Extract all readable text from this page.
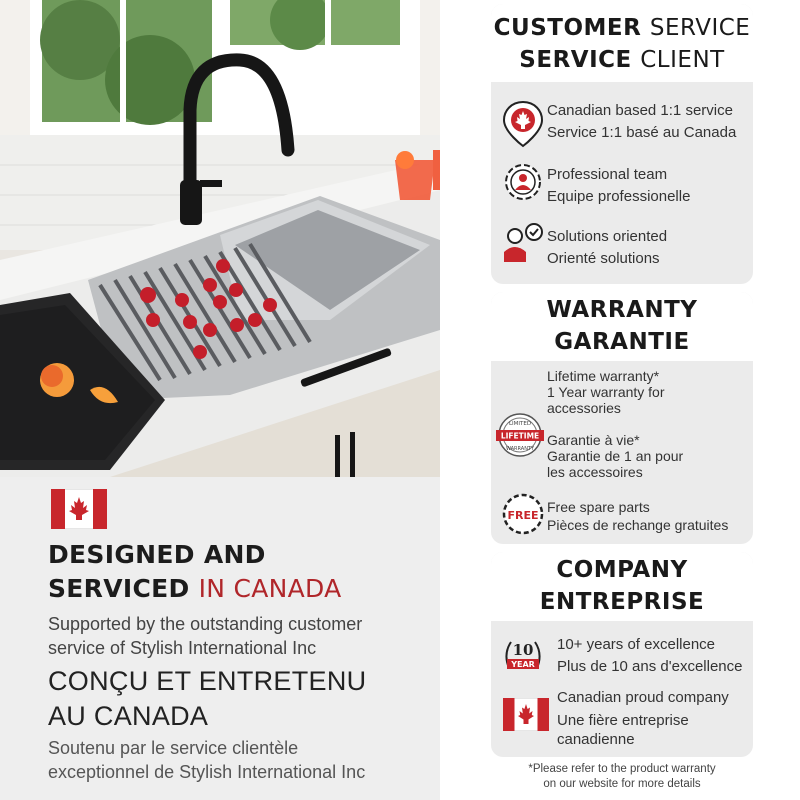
DESIGNED AND
SERVICED IN CANADA
Supported by the outstanding customer
service of Stylish International Inc
CONÇU ET ENTRETENU
AU CANADA
Soutenu par le service clientèle
exceptionnel de Stylish International Inc
CUSTOMER SERVICE
SERVICE CLIENT
Canadian based 1:1 service
Service 1:1 basé au Canada
Professional team
Equipe professionelle
Solutions oriented
Orienté solutions
WARRANTY
GARANTIE
LIMITED
LIFETIME
WARRANTY
Lifetime warranty*
1 Year warranty for
accessories
Garantie à vie*
Garantie de 1 an pour
les accessoires
FREE
Free spare parts
Pièces de rechange gratuites
COMPANY
ENTREPRISE
10
YEAR
10+ years of excellence
Plus de 10 ans d'excellence
Canadian proud company
Une fière entreprise
canadienne
*Please refer to the product warranty
on our website for more details
